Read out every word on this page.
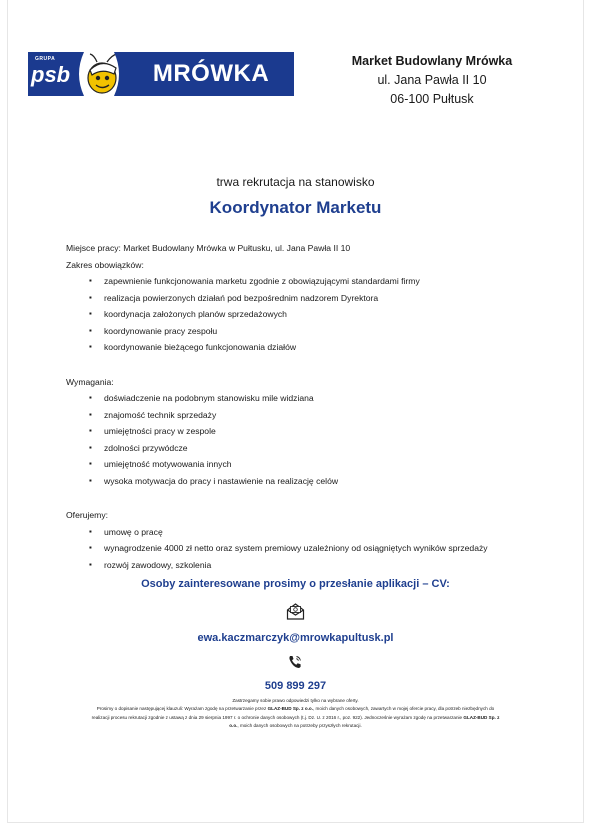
GRUPA
psb	MRÓWKA	Market Budowlany Mrówka
ul. Jana Pawła II 10
06-100 Pułtusk
trwa rekrutacja na stanowisko
Koordynator Marketu
Miejsce pracy: Market Budowlany Mrówka w Pułtusku, ul. Jana Pawła II 10
Zakres obowiązków:
▪ zapewnienie funkcjonowania marketu zgodnie z obowiązującymi standardami firmy
▪ realizacja powierzonych działań pod bezpośrednim nadzorem Dyrektora
▪ koordynacja założonych planów sprzedażowych
▪ koordynowanie pracy zespołu
▪ koordynowanie bieżącego funkcjonowania działów
Wymagania:
▪ doświadczenie na podobnym stanowisku mile widziana
▪ znajomość technik sprzedaży
▪ umiejętności pracy w zespole
▪ zdolności przywódcze
▪ umiejętność motywowania innych
▪ wysoka motywacja do pracy i nastawienie na realizację celów
Oferujemy:
▪ umowę o pracę
▪ wynagrodzenie 4000 zł netto oraz system premiowy uzależniony od osiągniętych wyników sprzedaży
▪ rozwój zawodowy, szkolenia
Osoby zainteresowane prosimy o przesłanie aplikacji – CV:
ewa.kaczmarczyk@mrowkapultusk.pl
509 899 297
Zastrzegamy sobie prawo odpowiedzi tylko na wybrane oferty.
Prosimy o dopisanie następującej klauzuli: Wyrażam zgodę na przetwarzanie przez GLAZ-BUD Sp. z o.o., moich danych osobowych, zawartych w mojej ofercie pracy, dla potrzeb niezbędnych do
realizacji procesu rekrutacji zgodnie z ustawą z dnia 29 sierpnia 1997 r. o ochronie danych osobowych (t.j. Dz. U. z 2016 r., poz. 922). Jednocześnie wyrażam zgodę na przetwarzanie GLAZ-BUD Sp. z
o.o., moich danych osobowych na potrzeby przyszłych rekrutacji.
